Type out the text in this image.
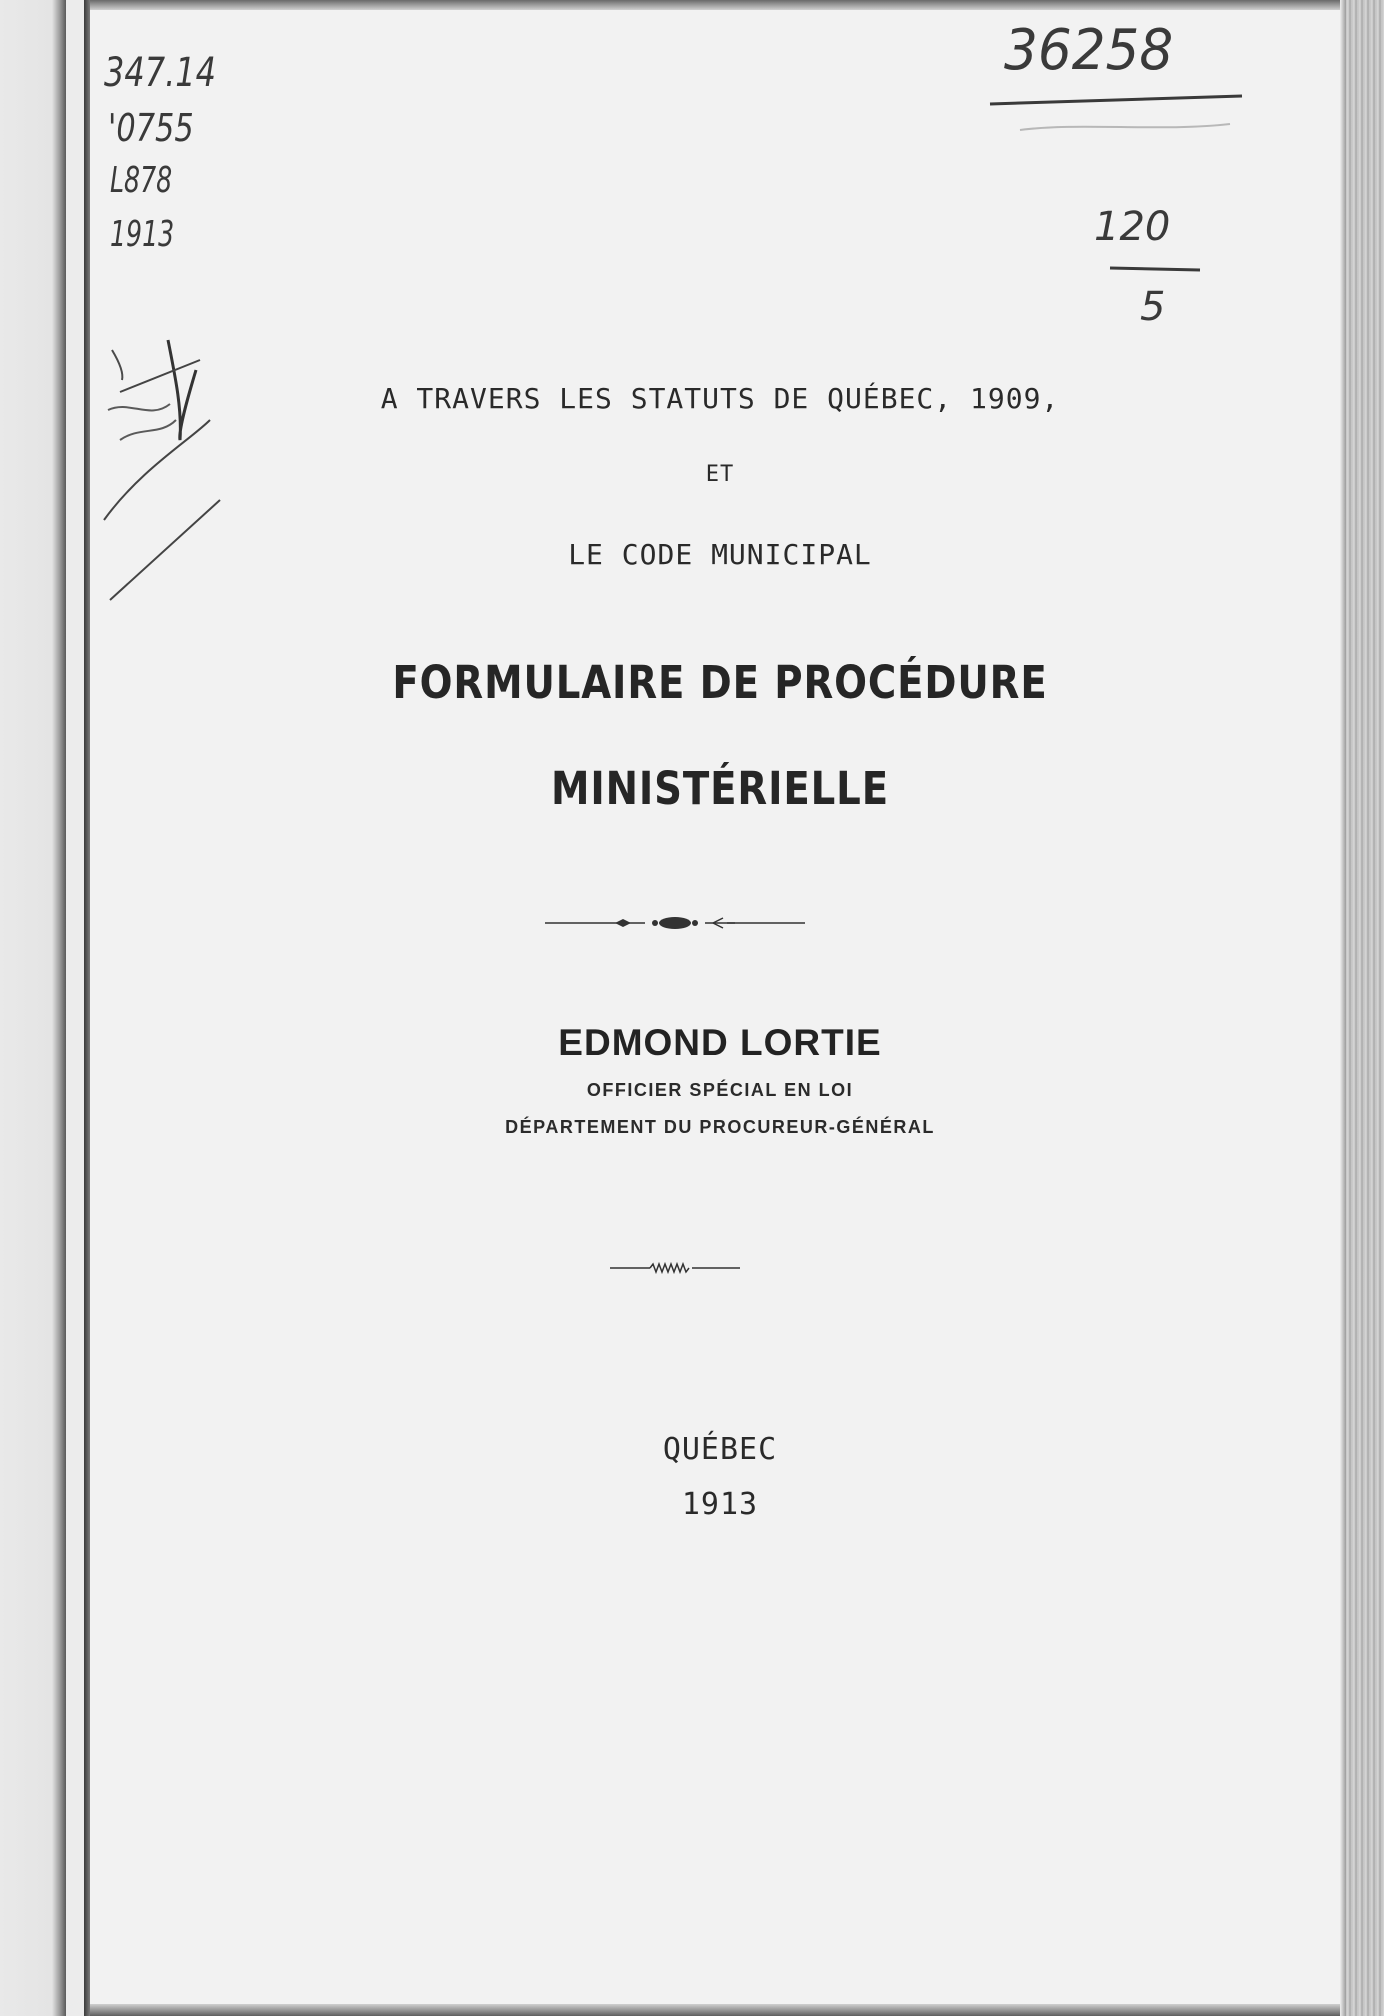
347.14
'0755
L878
1913
36258
120
5
A TRAVERS LES STATUTS DE QUÉBEC, 1909,
ET
LE CODE MUNICIPAL
FORMULAIRE DE PROCÉDURE
MINISTÉRIELLE
EDMOND LORTIE
OFFICIER SPÉCIAL EN LOI
DÉPARTEMENT DU PROCUREUR-GÉNÉRAL
QUÉBEC
1913
